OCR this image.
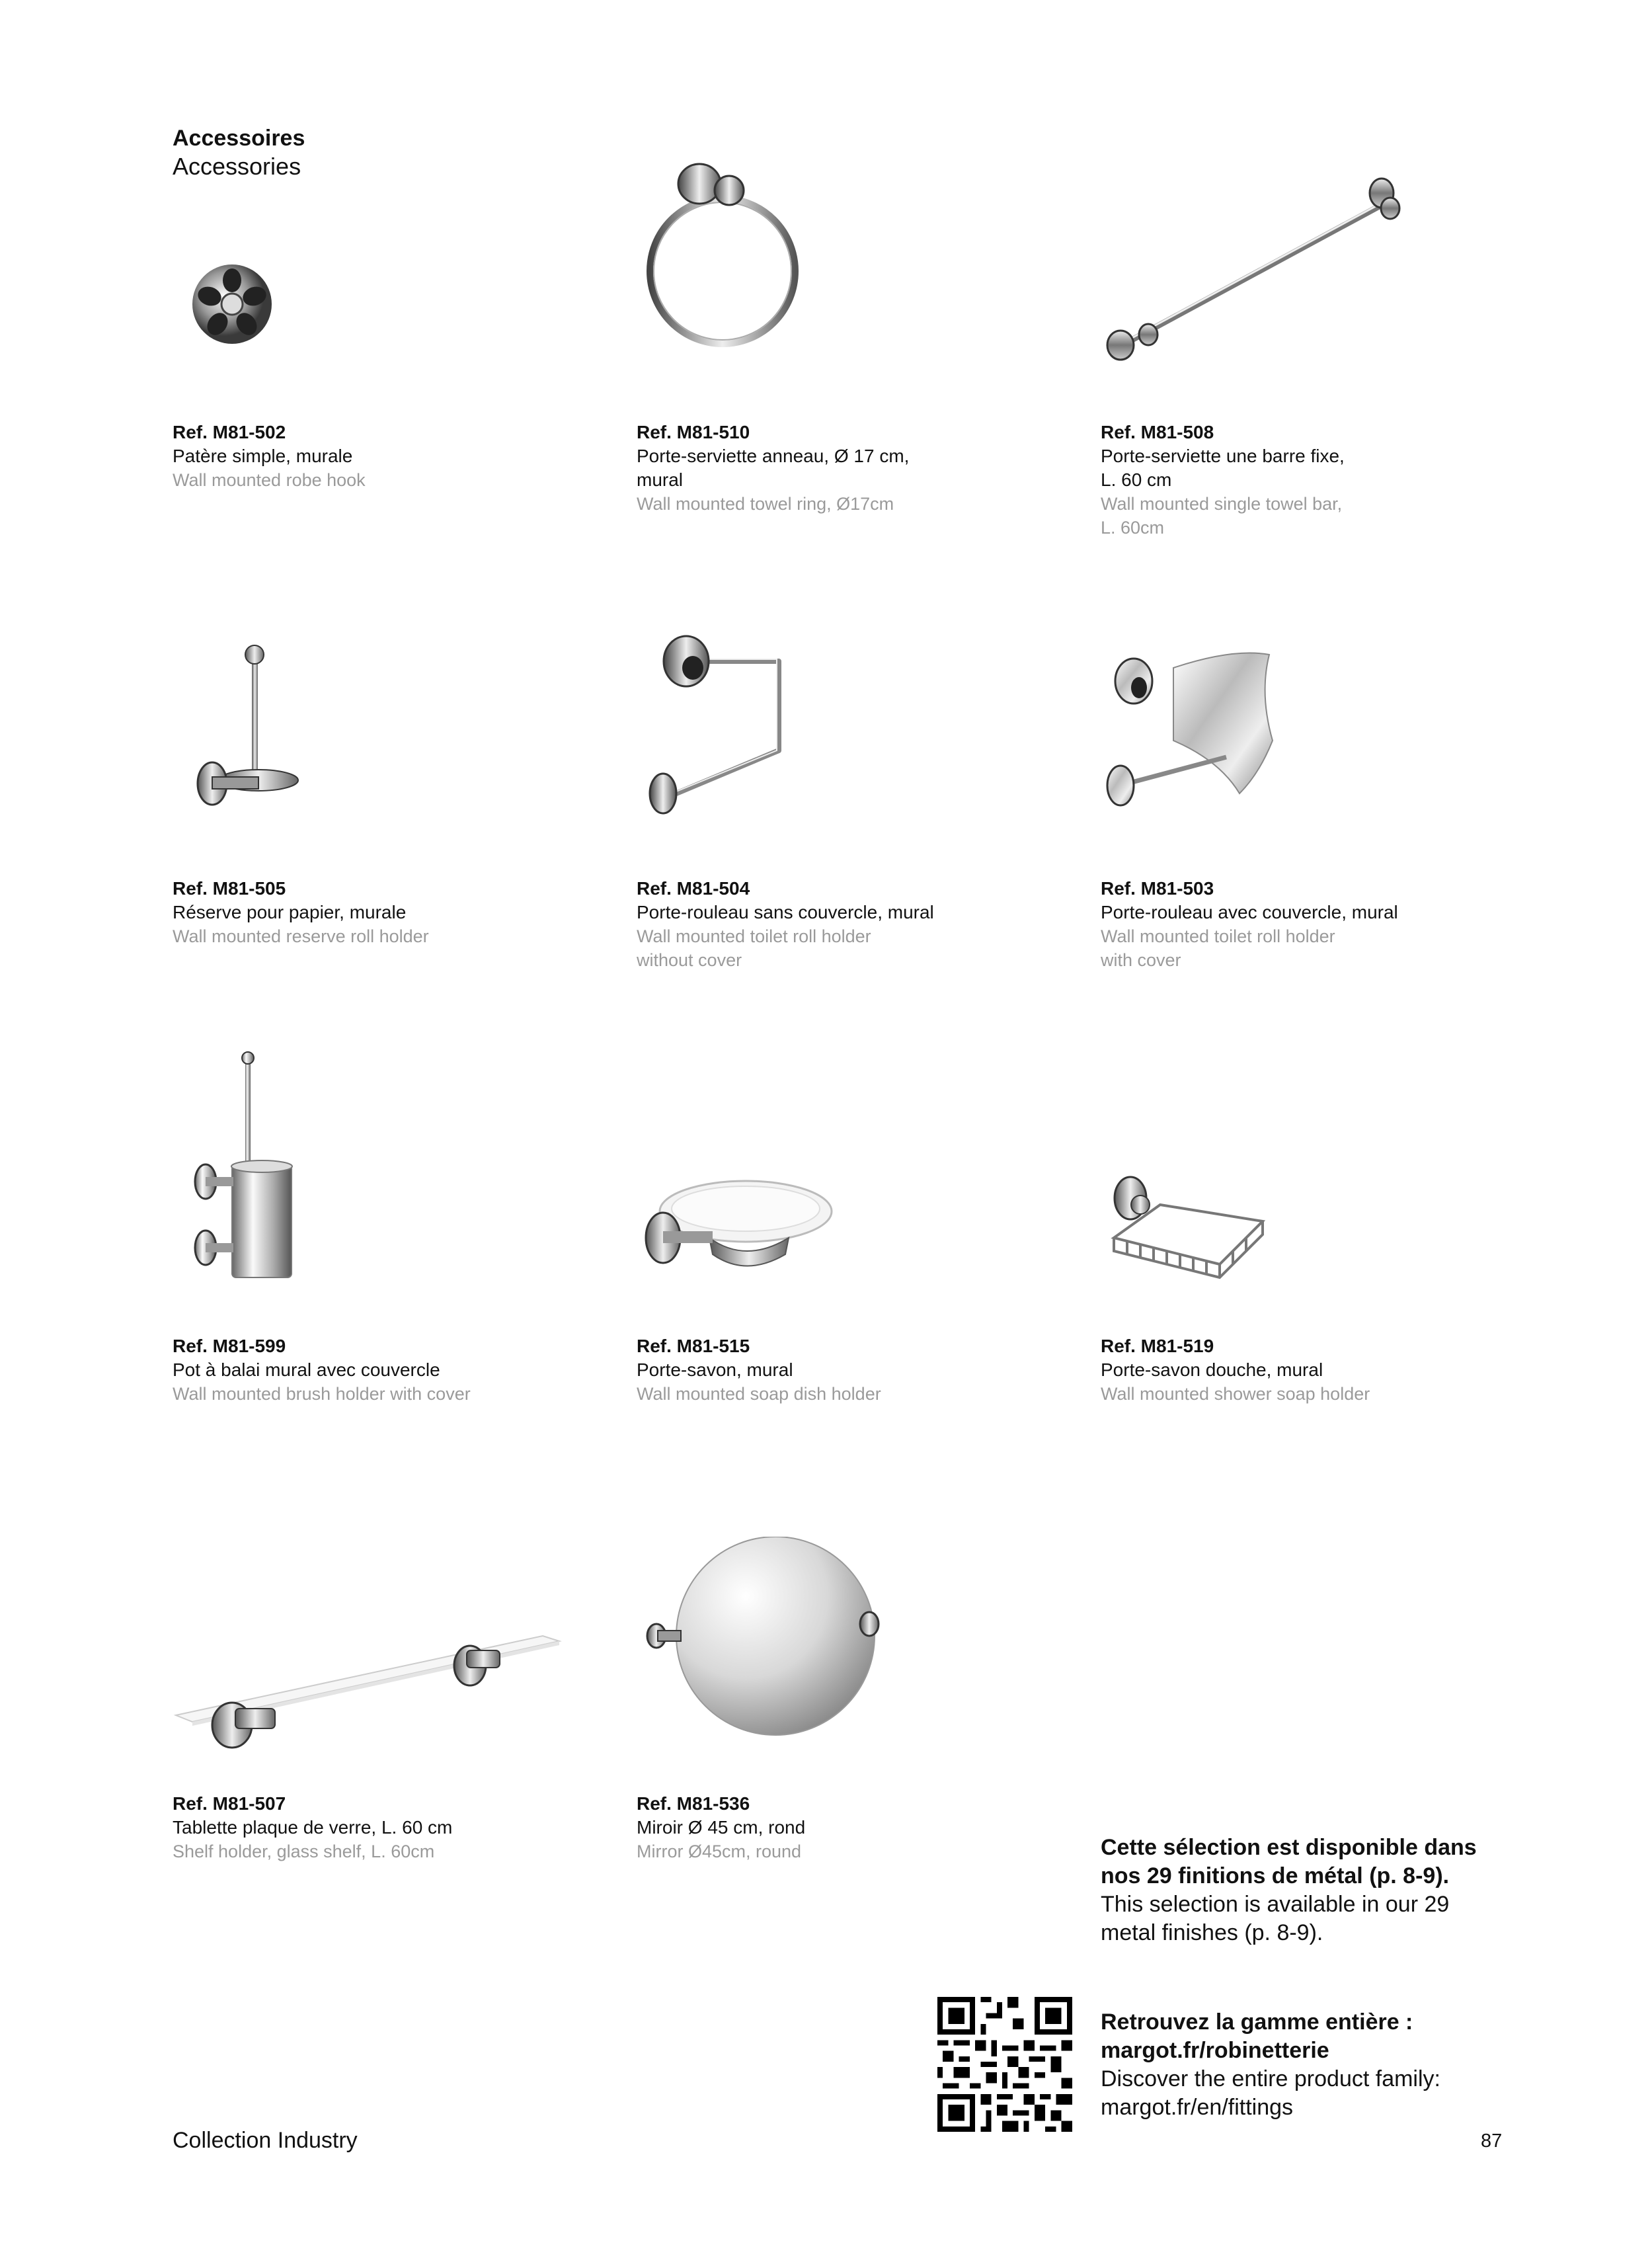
Accessoires
Accessories
Ref. M81-502
Patère simple, murale
Wall mounted robe hook
Ref. M81-510
Porte-serviette anneau, Ø 17 cm,
mural
Wall mounted towel ring, Ø17cm
Ref. M81-508
Porte-serviette une barre fixe,
L. 60 cm
Wall mounted single towel bar,
L. 60cm
Ref. M81-505
Réserve pour papier, murale
Wall mounted reserve roll holder
Ref. M81-504
Porte-rouleau sans couvercle, mural
Wall mounted toilet roll holder
without cover
Ref. M81-503
Porte-rouleau avec couvercle, mural
Wall mounted toilet roll holder
with cover
Ref. M81-599
Pot à balai mural avec couvercle
Wall mounted brush holder with cover
Ref. M81-515
Porte-savon, mural
Wall mounted soap dish holder
Ref. M81-519
Porte-savon douche, mural
Wall mounted shower soap holder
Ref. M81-507
Tablette plaque de verre, L. 60 cm
Shelf holder, glass shelf, L. 60cm
Ref. M81-536
Miroir Ø 45 cm, rond
Mirror Ø45cm, round	Cette sélection est disponible dans
nos 29 finitions de métal (p. 8-9).
This selection is available in our 29
metal finishes (p. 8-9).
Retrouvez la gamme entière :
margot.fr/robinetterie
Discover the entire product family:
margot.fr/en/fittings
Collection Industry	87
